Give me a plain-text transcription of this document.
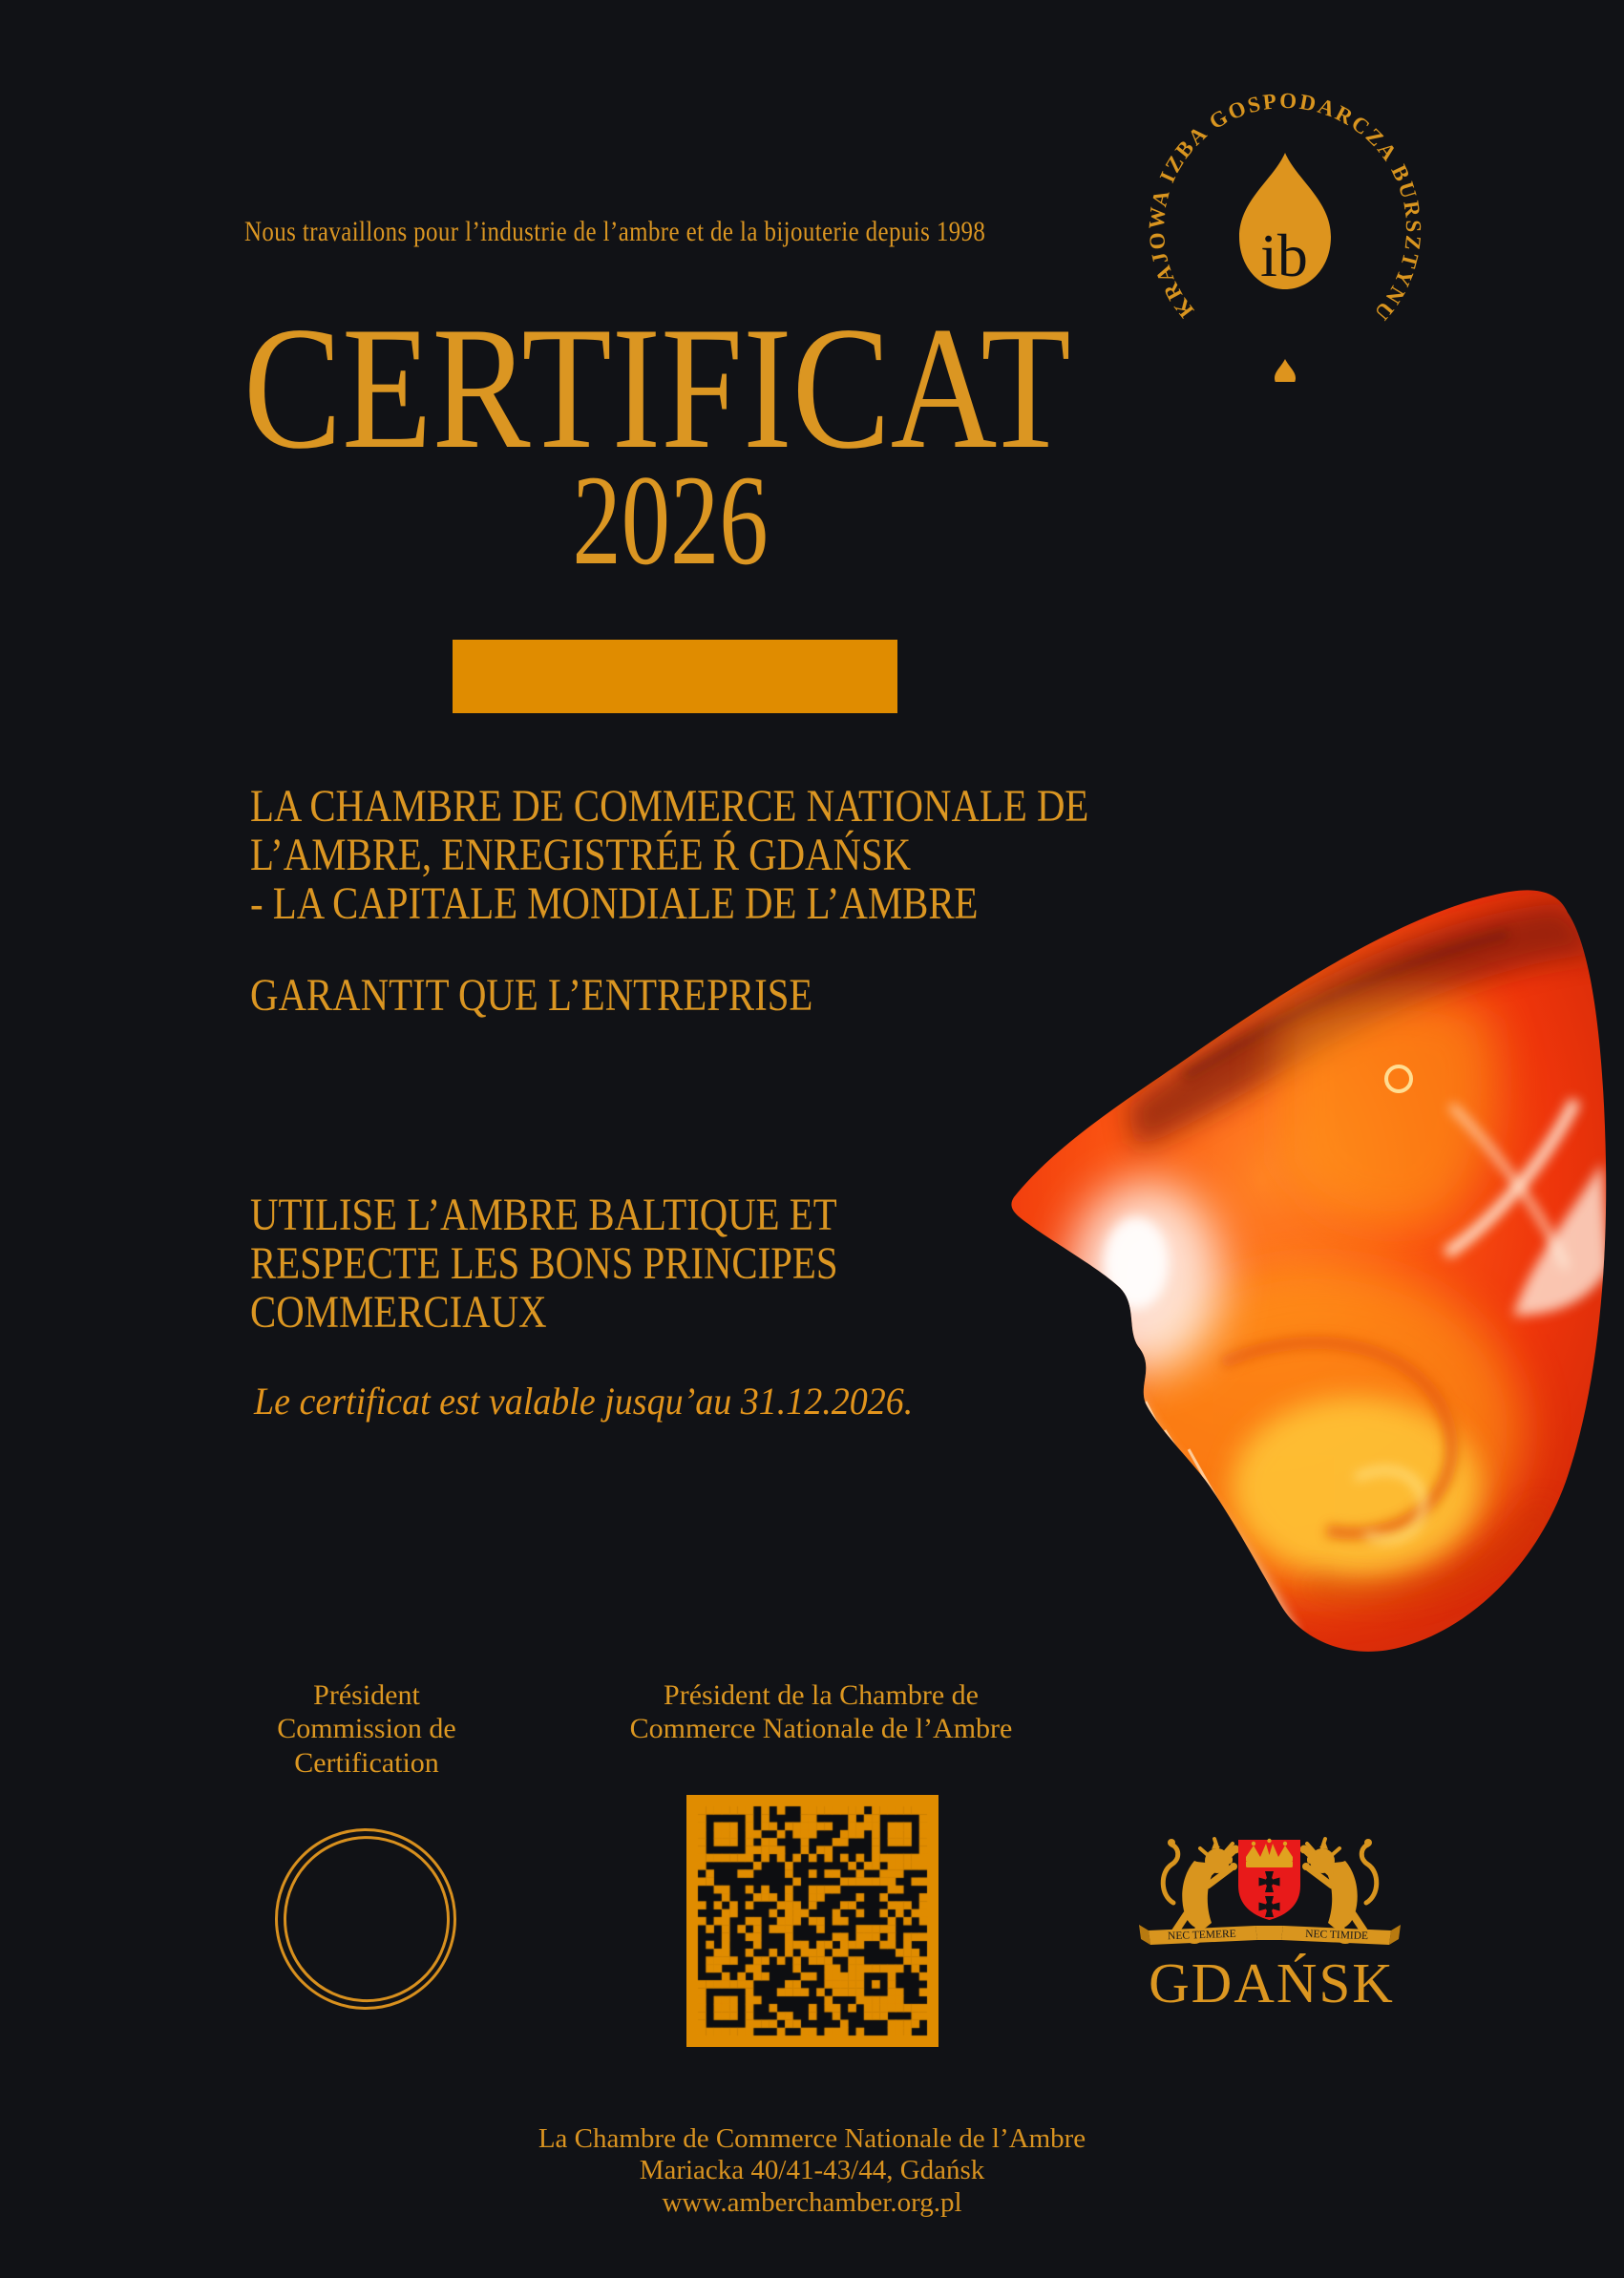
Nous travaillons pour l’industrie de l’ambre et de la bijouterie depuis 1998
KRAJOWA IZBA GOSPODARCZA BURSZTYNU
ib
CERTIFICAT
2026
LA CHAMBRE DE COMMERCE NATIONALE DE
L’AMBRE, ENREGISTRÉE Ŕ GDAŃSK
- LA CAPITALE MONDIALE DE L’AMBRE
GARANTIT QUE L’ENTREPRISE
UTILISE L’AMBRE BALTIQUE ET
RESPECTE LES BONS PRINCIPES
COMMERCIAUX
Le certificat est valable jusqu’au 31.12.2026.
Président
Commission de Certification
Président de la Chambre de
Commerce Nationale de l’Ambre
NEC TEMERE	NEC TIMIDE
GDAŃSK
La Chambre de Commerce Nationale de l’Ambre
Mariacka 40/41-43/44, Gdańsk
www.amberchamber.org.pl
